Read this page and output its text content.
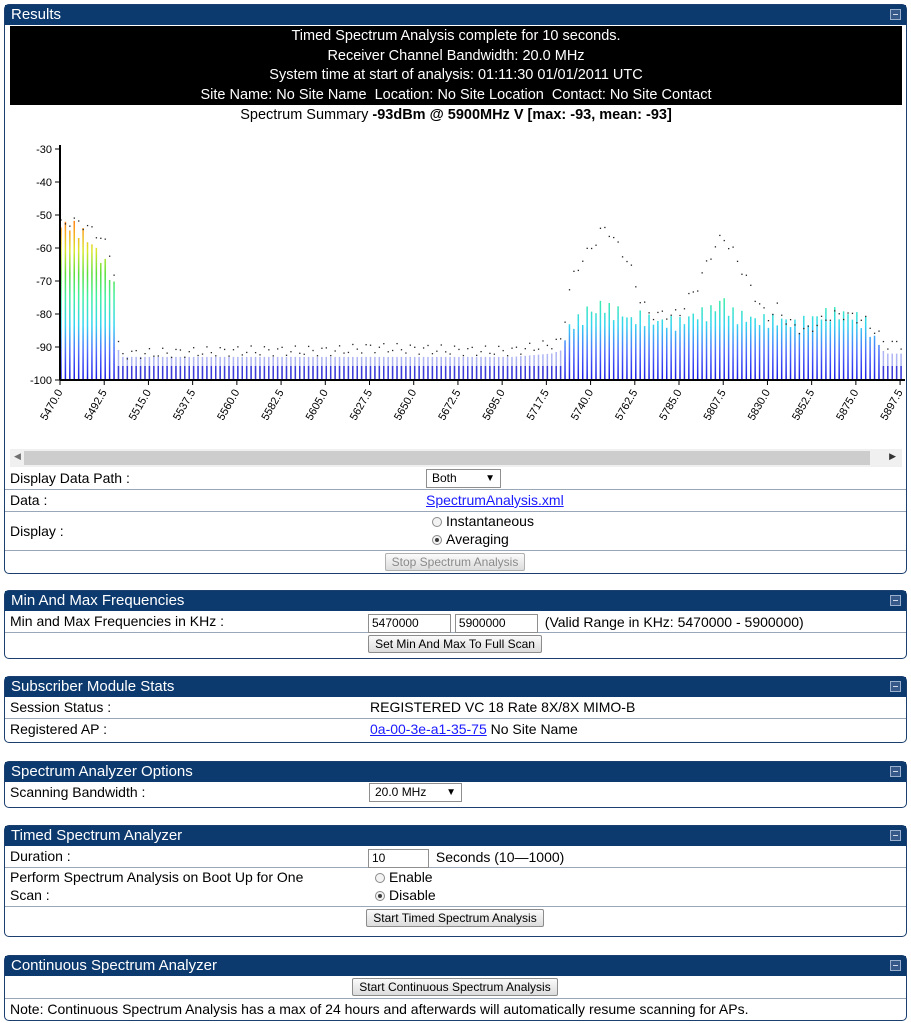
Results
Timed Spectrum Analysis complete for 10 seconds.
Receiver Channel Bandwidth: 20.0 MHz
System time at start of analysis: 01:11:30 01/01/2011 UTC
Site Name: No Site Name  Location: No Site Location  Contact: No Site Contact
Spectrum Summary -93dBm @ 5900MHz V [max: -93, mean: -93]
-30
-40
-50
-60
-70
-80
-90
-100
5470.0 5492.5 5515.0 5537.5 5560.0 5582.5 5605.0 5627.5 5650.0 5672.5 5695.0 5717.5 5740.0 5762.5 5785.0 5807.5 5830.0 5852.5 5875.0 5897.5
◀	▶
Display Data Path :	Both	▼
Data :	SpectrumAnalysis.xml
Display :
Instantaneous
Averaging
Stop Spectrum Analysis
Min And Max Frequencies
Min and Max Frequencies in KHz :	5470000	5900000	(Valid Range in KHz: 5470000 - 5900000)
Set Min And Max To Full Scan
Subscriber Module Stats
Session Status :	REGISTERED VC 18 Rate 8X/8X MIMO-B
Registered AP :	0a-00-3e-a1-35-75 No Site Name
Spectrum Analyzer Options
Scanning Bandwidth :	20.0 MHz ▼
Timed Spectrum Analyzer
Duration :	10	Seconds (10—1000)
Perform Spectrum Analysis on Boot Up for One
Scan :
Enable
Disable
Start Timed Spectrum Analysis
Continuous Spectrum Analyzer
Start Continuous Spectrum Analysis
Note: Continuous Spectrum Analysis has a max of 24 hours and afterwards will automatically resume scanning for APs.
